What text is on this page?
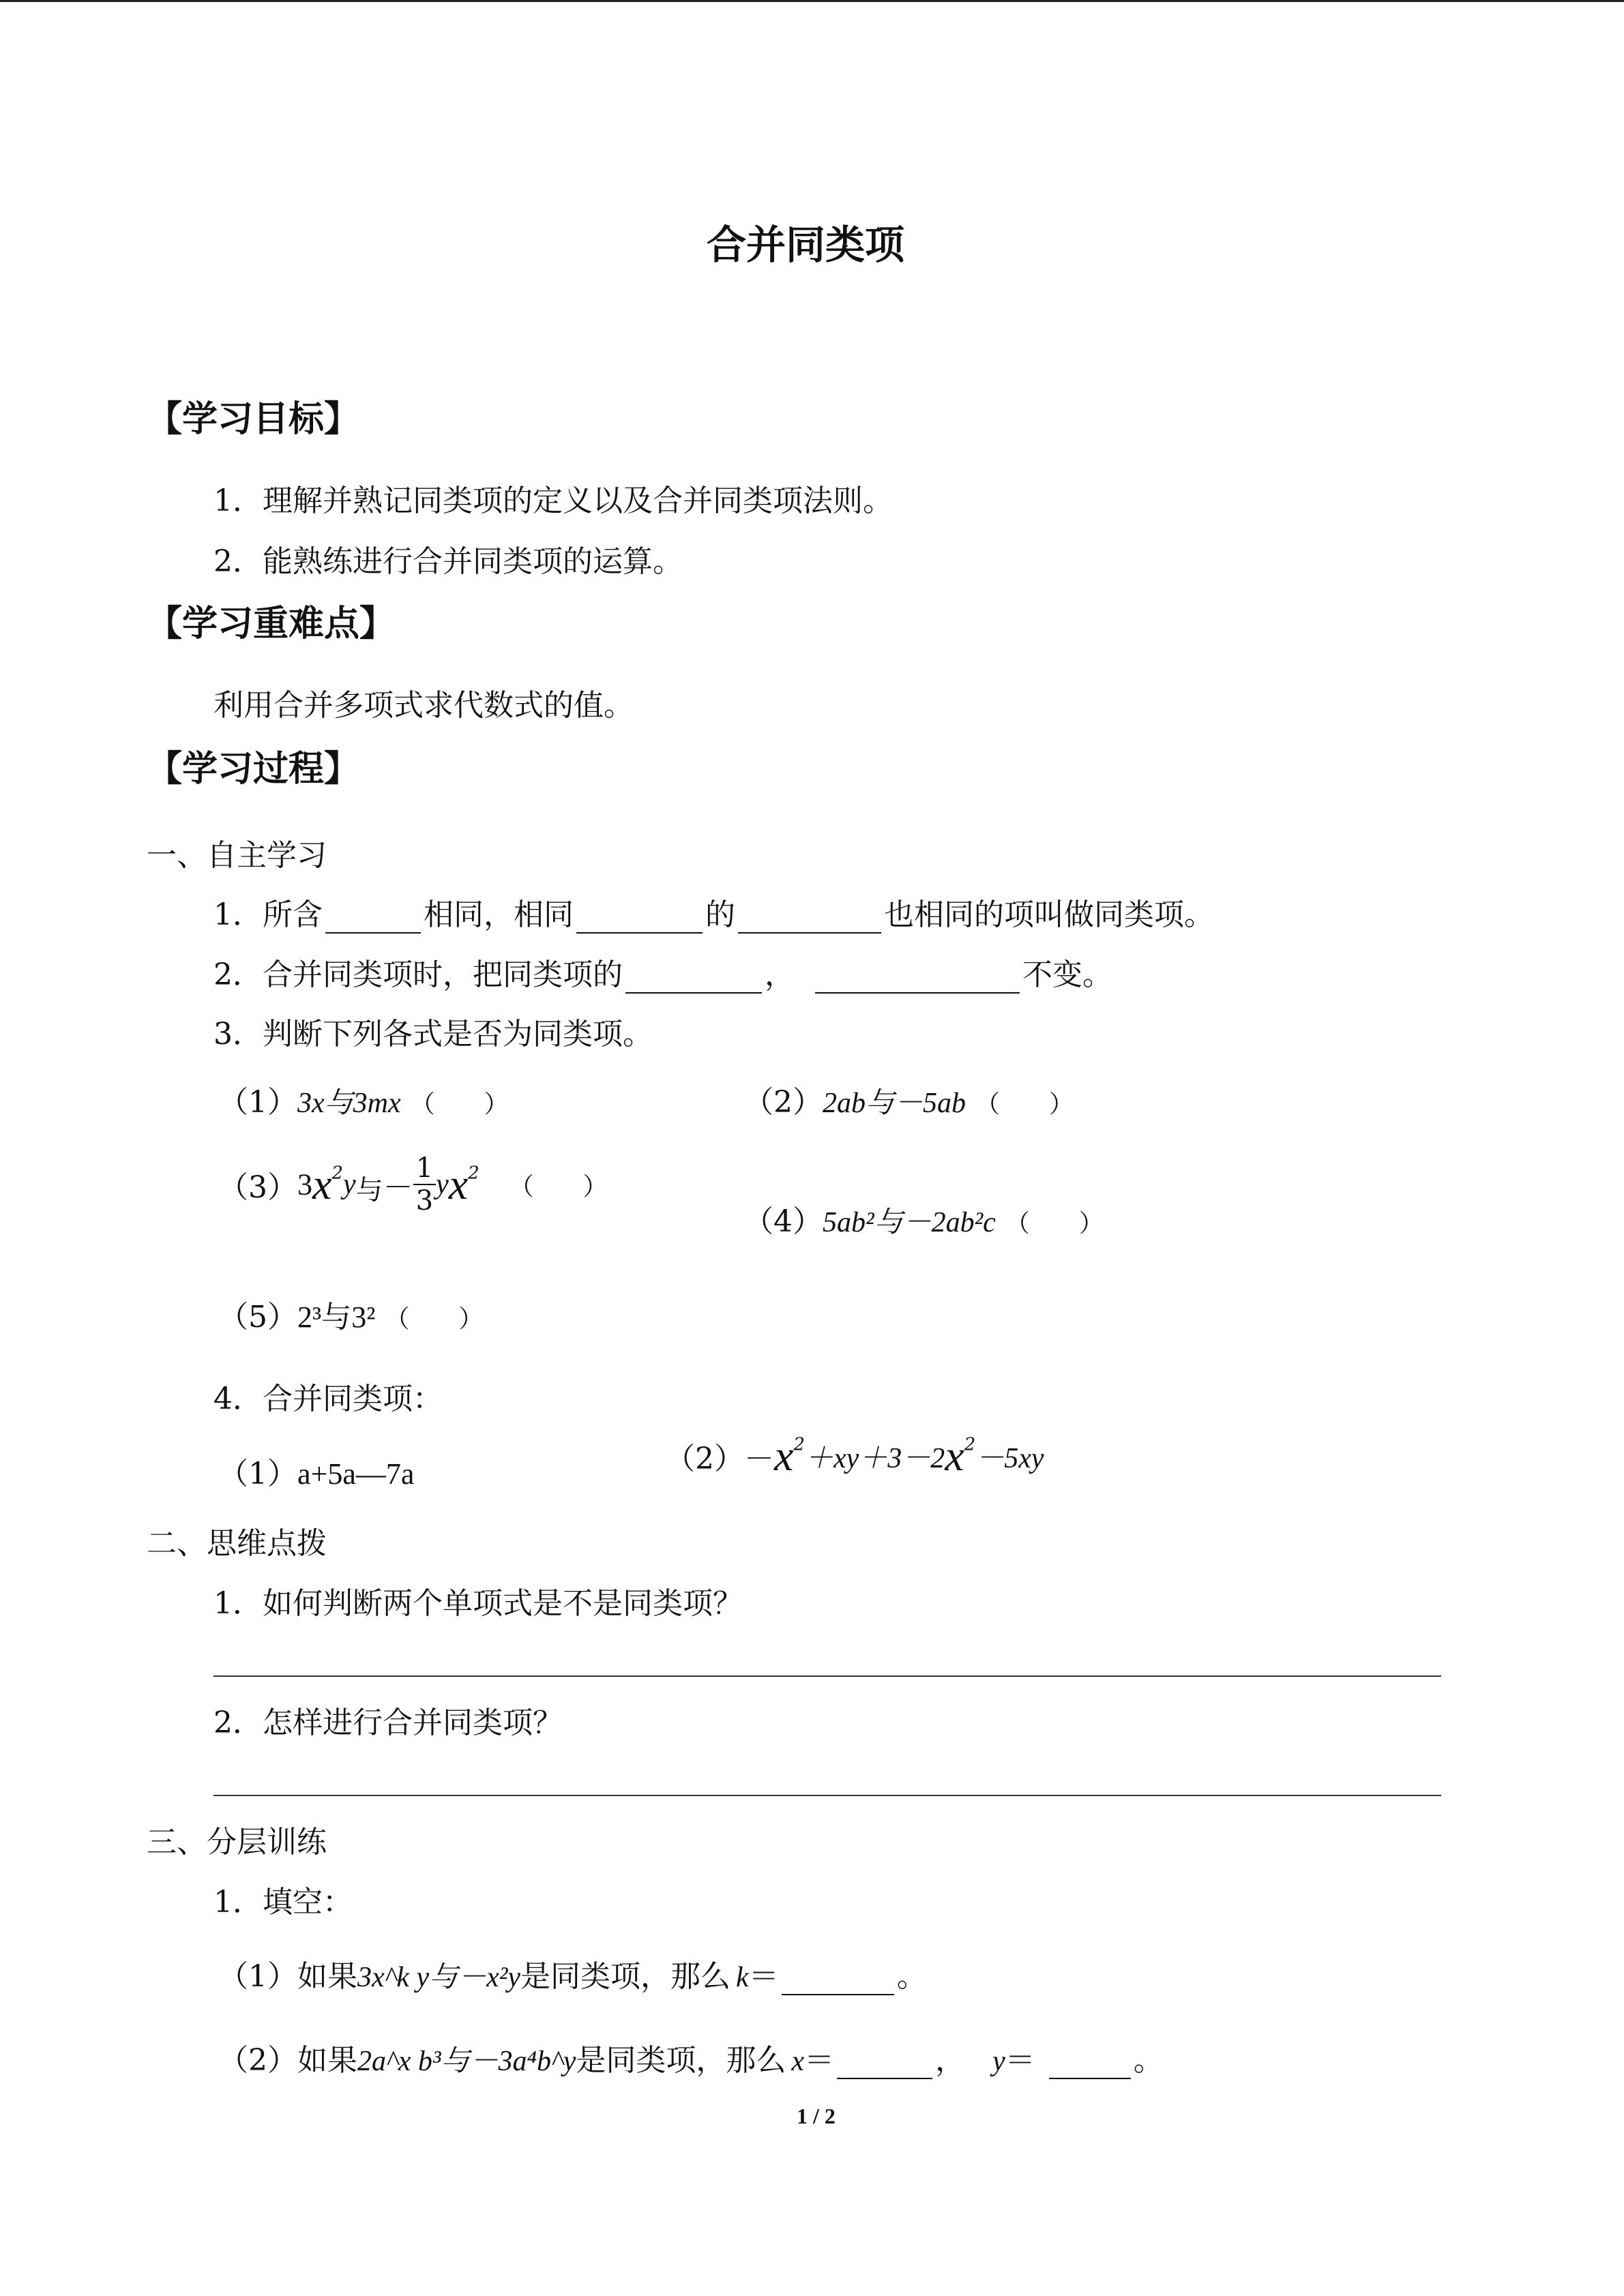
合并同类项
【学习目标】
1．理解并熟记同类项的定义以及合并同类项法则。
2．能熟练进行合并同类项的运算。
【学习重难点】
利用合并多项式求代数式的值。
【学习过程】
一、自主学习
1．所含	相同，相同	的	也相同的项叫做同类项。
2．合并同类项时，把同类项的	，	不变。
3．判断下列各式是否为同类项。
（1）3x与3mx （　　）	（2）2ab与－5ab （　　）
$(3)3x^2y$与－ $\frac{1}{3} yx^2$ （　　）
（4）5ab²与－2ab²c （　　）
（5）2³与3² （　　）
4．合并同类项：
（1）a+5a—7a	$(2)-x^2+xy+3-2x^2-5xy$
二、思维点拨
1．如何判断两个单项式是不是同类项？
2．怎样进行合并同类项？
三、分层训练
1．填空：
（1）如果3x^k y与－x²y是同类项，那么 k＝	。
（2）如果2a^x b³与－3a⁴b^y是同类项，那么 x＝	， y＝	。
1 / 2
